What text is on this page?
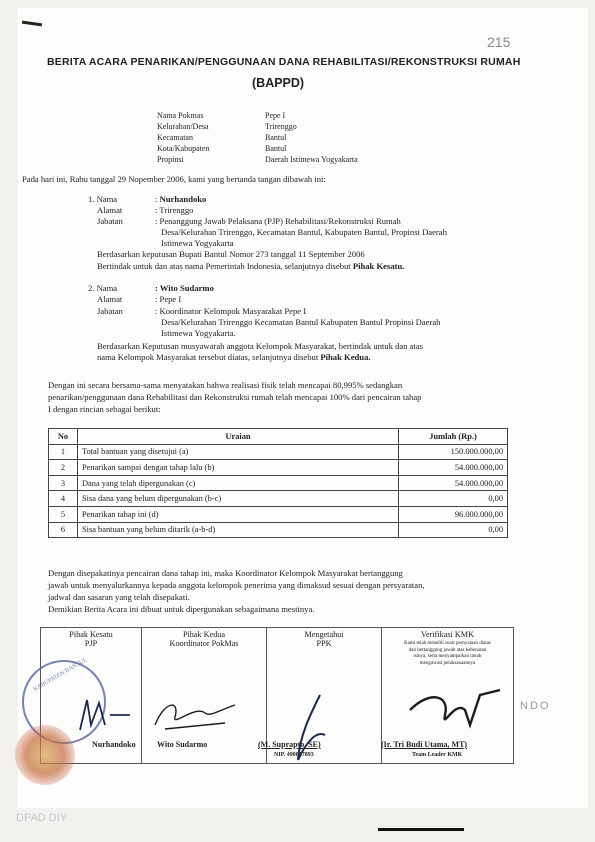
215
BERITA ACARA PENARIKAN/PENGGUNAAN DANA REHABILITASI/REKONSTRUKSI RUMAH
(BAPPD)
Nama Pokmas	Pepe I
Kelurahan/Desa	Trirenggo
Kecamatan	Bantul
Kota/Kabupaten	Bantul
Propinsi	Daerah Istimewa Yogyakarta
Pada hari ini, Rabu tanggal 29 Nopember 2006, kami yang bertanda tangan dibawah ini:
1. Nama	: Nurhandoko
Alamat	: Trirenggo
Jabatan	: Penanggung Jawab Pelaksana (PJP) Rehabilitasi/Rekonstruksi Rumah
Desa/Kelurahan Trirenggo, Kecamatan Bantul, Kabupaten Bantul, Propinsi Daerah
Istimewa Yogyakarta
Berdasarkan keputusan Bupati Bantul Nomor 273 tanggal 11 September 2006
Bertindak untuk dan atas nama Pemerintah Indonesia, selanjutnya disebut Pihak Kesatu.
2. Nama	: Wito Sudarmo
Alamat	: Pepe I
Jabatan	: Koordinator Kelompok Masyarakat Pepe I
Desa/Kelurahan Trirenggo Kecamatan Bantul Kabupaten Bantul Propinsi Daerah
Istimewa Yogyakarta.
Berdasarkan Keputusan musyawarah anggota Kelompok Masyarakat, bertindak untuk dan atas
nama Kelompok Masyarakat tersebut diatas, selanjutnya disebut Pihak Kedua.
Dengan ini secara bersama-sama menyatakan bahwa realisasi fisik telah mencapai 80,995% sedangkan
penarikan/penggunaan dana Rehabilitasi dan Rekonstruksi rumah telah mencapai 100% dari pencairan tahap
I dengan rincian sebagai berikut:
No	Uraian	Jumlah (Rp.)
1	Total bantuan yang disetujui (a)	150.000.000,00
2	Penarikan sampai dengan tahap lalu (b)	54.000.000,00
3	Dana yang telah dipergunakan (c)	54.000.000,00
4	Sisa dana yang belum dipergunakan (b-c)	0,00
5	Penarikan tahap ini (d)	96.000.000,00
6	Sisa bantuan yang belum ditarik (a-b-d)	0,00
Dengan disepakatinya pencairan dana tahap ini, maka Koordinator Kelompok Masyarakat bertanggung
jawab untuk menyalurkannya kepada anggota kelompok penerima yang dimaksud sesuai dengan persyaratan,
jadwal dan sasaran yang telah disepakati.
Demikian Berita Acara ini dibuat untuk dipergunakan sebagaimana mestinya.
Pihak Kesatu
PJP

Pihak Kedua
Koordinator PokMas

Mengetahui
PPK

Verifikasi KMK
Kami telah meneliti surat pernyataan diatas dan bertanggung jawab atas kebenaran isinya, serta menyampaikan untuk mengawasi pelaksanaannya
Nurhandoko	Wito Sudarmo	(M. Suprapto, SE)
NIP. 490017893
(Ir. Tri Budi Utama, MT)
Team Leader KMK
KABUPATEN BANTUL
NDO
DPAD DIY
